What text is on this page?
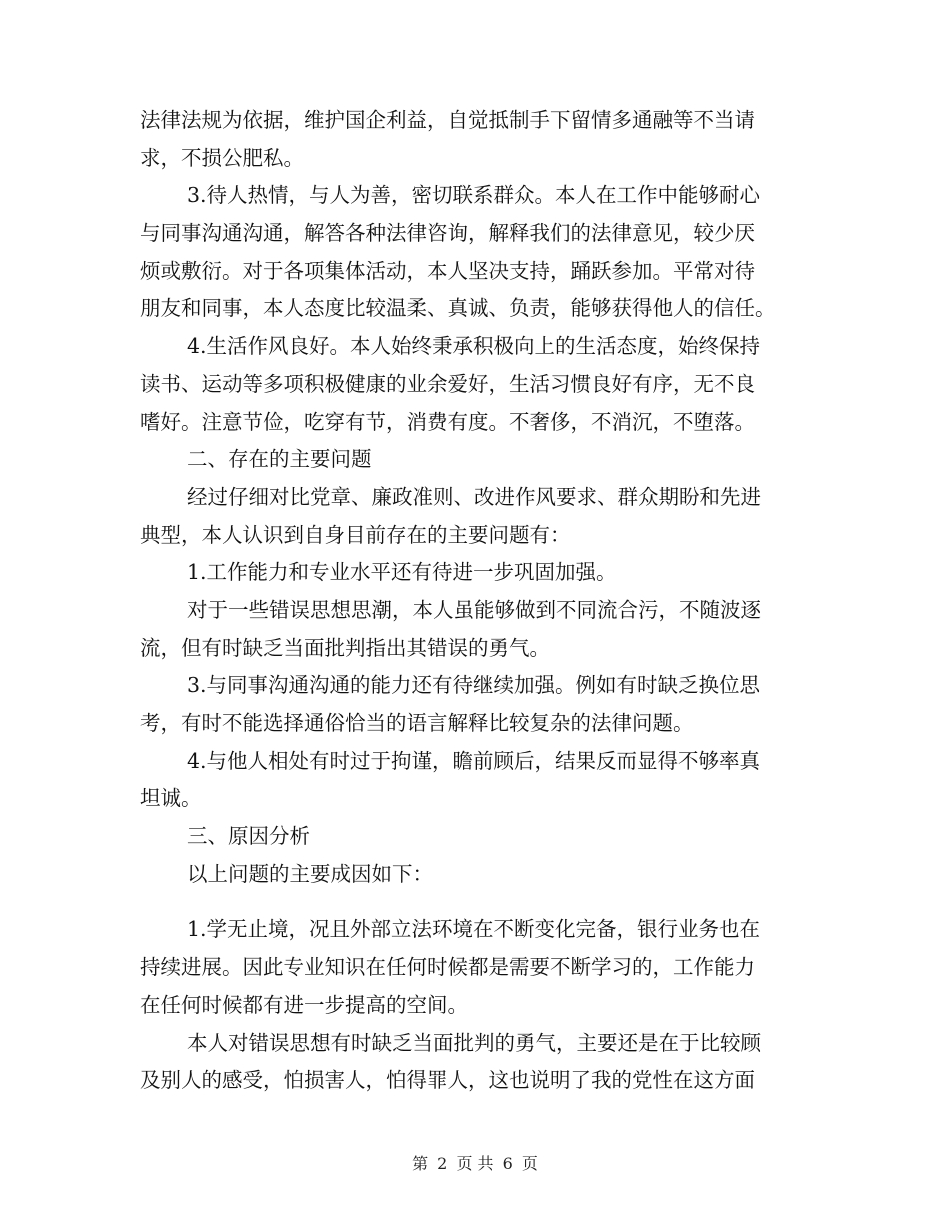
法律法规为依据，维护国企利益，自觉抵制手下留情多通融等不当请
求，不损公肥私。
3.待人热情，与人为善，密切联系群众。本人在工作中能够耐心
与同事沟通沟通，解答各种法律咨询，解释我们的法律意见，较少厌
烦或敷衍。对于各项集体活动，本人坚决支持，踊跃参加。平常对待
朋友和同事，本人态度比较温柔、真诚、负责，能够获得他人的信任。
4.生活作风良好。本人始终秉承积极向上的生活态度，始终保持
读书、运动等多项积极健康的业余爱好，生活习惯良好有序，无不良
嗜好。注意节俭，吃穿有节，消费有度。不奢侈，不消沉，不堕落。
二、存在的主要问题
经过仔细对比党章、廉政准则、改进作风要求、群众期盼和先进
典型，本人认识到自身目前存在的主要问题有：
1.工作能力和专业水平还有待进一步巩固加强。
对于一些错误思想思潮，本人虽能够做到不同流合污，不随波逐
流，但有时缺乏当面批判指出其错误的勇气。
3.与同事沟通沟通的能力还有待继续加强。例如有时缺乏换位思
考，有时不能选择通俗恰当的语言解释比较复杂的法律问题。
4.与他人相处有时过于拘谨，瞻前顾后，结果反而显得不够率真
坦诚。
三、原因分析
以上问题的主要成因如下：
1.学无止境，况且外部立法环境在不断变化完备，银行业务也在
持续进展。因此专业知识在任何时候都是需要不断学习的，工作能力
在任何时候都有进一步提高的空间。
本人对错误思想有时缺乏当面批判的勇气，主要还是在于比较顾
及别人的感受，怕损害人，怕得罪人，这也说明了我的党性在这方面
第 2 页 共 6 页
